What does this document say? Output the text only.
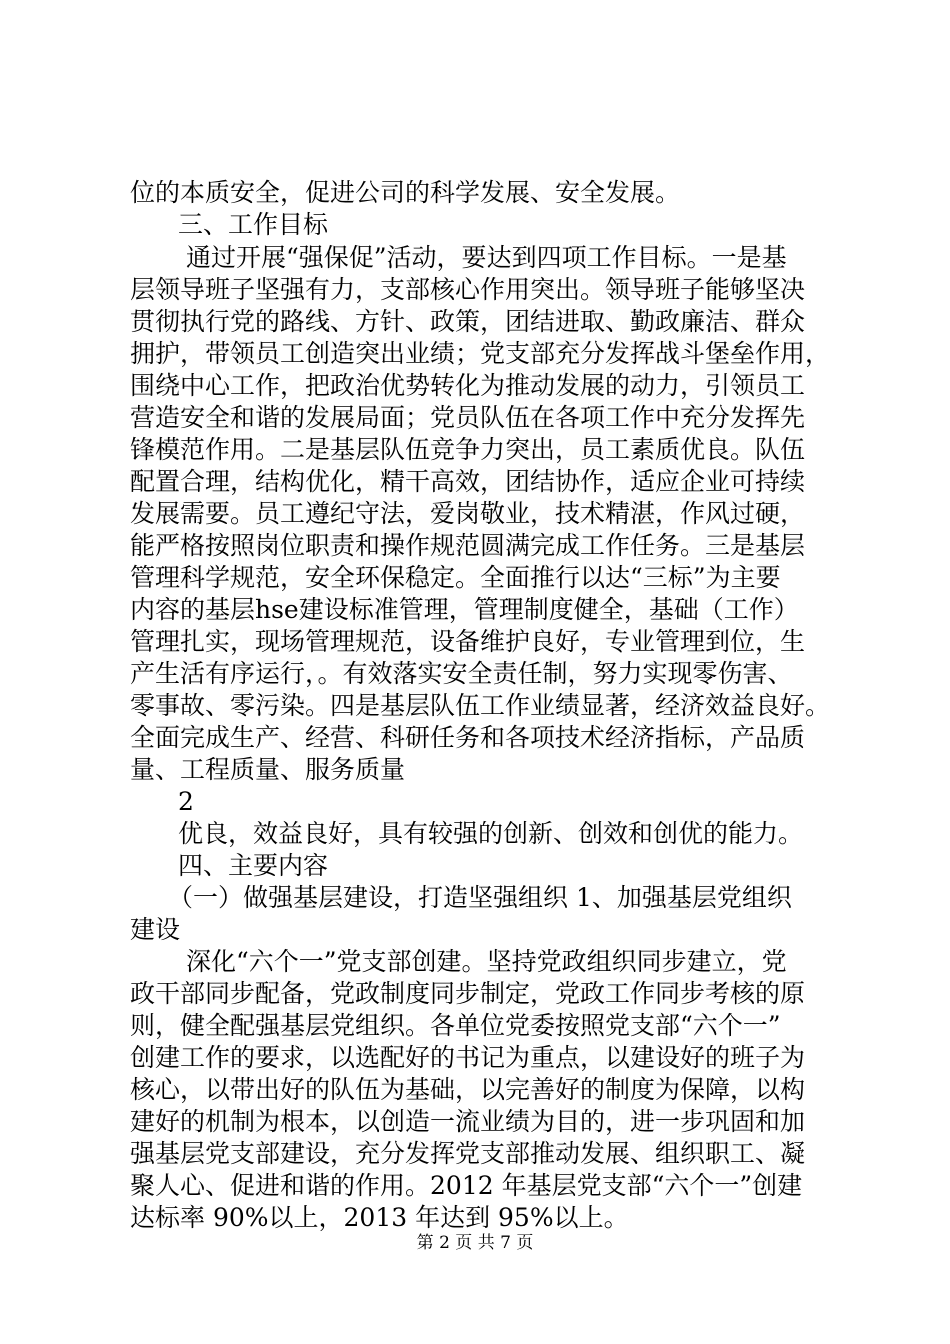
位的本质安全，促进公司的科学发展、安全发展。
三、工作目标
通过开展“强保促”活动，要达到四项工作目标。一是基
层领导班子坚强有力，支部核心作用突出。领导班子能够坚决
贯彻执行党的路线、方针、政策，团结进取、勤政廉洁、群众
拥护，带领员工创造突出业绩；党支部充分发挥战斗堡垒作用，
围绕中心工作，把政治优势转化为推动发展的动力，引领员工
营造安全和谐的发展局面；党员队伍在各项工作中充分发挥先
锋模范作用。二是基层队伍竞争力突出，员工素质优良。队伍
配置合理，结构优化，精干高效，团结协作，适应企业可持续
发展需要。员工遵纪守法，爱岗敬业，技术精湛，作风过硬，
能严格按照岗位职责和操作规范圆满完成工作任务。三是基层
管理科学规范，安全环保稳定。全面推行以达“三标”为主要
内容的基层hse建设标准管理，管理制度健全，基础（工作）
管理扎实，现场管理规范，设备维护良好，专业管理到位，生
产生活有序运行，。有效落实安全责任制，努力实现零伤害、
零事故、零污染。四是基层队伍工作业绩显著，经济效益良好。
全面完成生产、经营、科研任务和各项技术经济指标，产品质
量、工程质量、服务质量
2
优良，效益良好，具有较强的创新、创效和创优的能力。
四、主要内容
（一）做强基层建设，打造坚强组织 1、加强基层党组织
建设
深化“六个一”党支部创建。坚持党政组织同步建立，党
政干部同步配备，党政制度同步制定，党政工作同步考核的原
则，健全配强基层党组织。各单位党委按照党支部“六个一”
创建工作的要求，以选配好的书记为重点，以建设好的班子为
核心，以带出好的队伍为基础，以完善好的制度为保障，以构
建好的机制为根本，以创造一流业绩为目的，进一步巩固和加
强基层党支部建设，充分发挥党支部推动发展、组织职工、凝
聚人心、促进和谐的作用。2012 年基层党支部“六个一”创建
达标率 90%以上，2013 年达到 95%以上。
第 2 页 共 7 页
